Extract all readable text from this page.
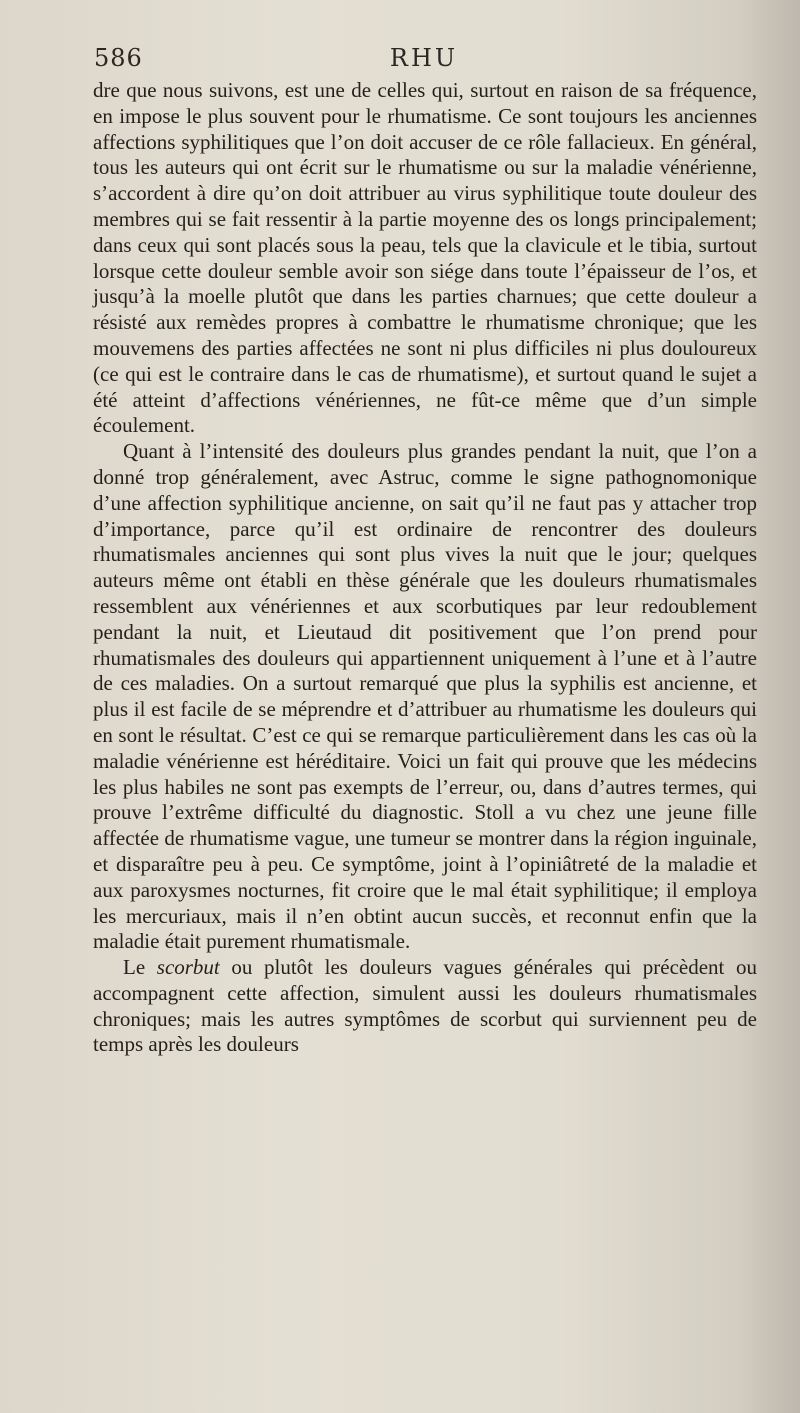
586	RHU

dre que nous suivons, est une de celles qui, surtout en raison de sa fréquence, en impose le plus souvent pour le rhumatisme. Ce sont toujours les anciennes affections syphilitiques que l’on doit accuser de ce rôle fallacieux. En général, tous les auteurs qui ont écrit sur le rhumatisme ou sur la maladie vénérienne, s’accordent à dire qu’on doit attribuer au virus syphilitique toute douleur des membres qui se fait ressentir à la partie moyenne des os longs principalement; dans ceux qui sont placés sous la peau, tels que la clavicule et le tibia, surtout lorsque cette douleur semble avoir son siége dans toute l’épaisseur de l’os, et jusqu’à la moelle plutôt que dans les parties charnues; que cette douleur a résisté aux remèdes propres à combattre le rhumatisme chronique; que les mouvemens des parties affectées ne sont ni plus difficiles ni plus douloureux (ce qui est le contraire dans le cas de rhumatisme), et surtout quand le sujet a été atteint d’affections vénériennes, ne fût-ce même que d’un simple écoulement.

Quant à l’intensité des douleurs plus grandes pendant la nuit, que l’on a donné trop généralement, avec Astruc, comme le signe pathognomonique d’une affection syphilitique ancienne, on sait qu’il ne faut pas y attacher trop d’importance, parce qu’il est ordinaire de rencontrer des douleurs rhumatismales anciennes qui sont plus vives la nuit que le jour; quelques auteurs même ont établi en thèse générale que les douleurs rhumatismales ressemblent aux vénériennes et aux scorbutiques par leur redoublement pendant la nuit, et Lieutaud dit positivement que l’on prend pour rhumatismales des douleurs qui appartiennent uniquement à l’une et à l’autre de ces maladies. On a surtout remarqué que plus la syphilis est ancienne, et plus il est facile de se méprendre et d’attribuer au rhumatisme les douleurs qui en sont le résultat. C’est ce qui se remarque particulièrement dans les cas où la maladie vénérienne est héréditaire. Voici un fait qui prouve que les médecins les plus habiles ne sont pas exempts de l’erreur, ou, dans d’autres termes, qui prouve l’extrême difficulté du diagnostic. Stoll a vu chez une jeune fille affectée de rhumatisme vague, une tumeur se montrer dans la région inguinale, et disparaître peu à peu. Ce symptôme, joint à l’opiniâtreté de la maladie et aux paroxysmes nocturnes, fit croire que le mal était syphilitique; il employa les mercuriaux, mais il n’en obtint aucun succès, et reconnut enfin que la maladie était purement rhumatismale.

Le scorbut ou plutôt les douleurs vagues générales qui précèdent ou accompagnent cette affection, simulent aussi les douleurs rhumatismales chroniques; mais les autres symptômes de scorbut qui surviennent peu de temps après les douleurs
